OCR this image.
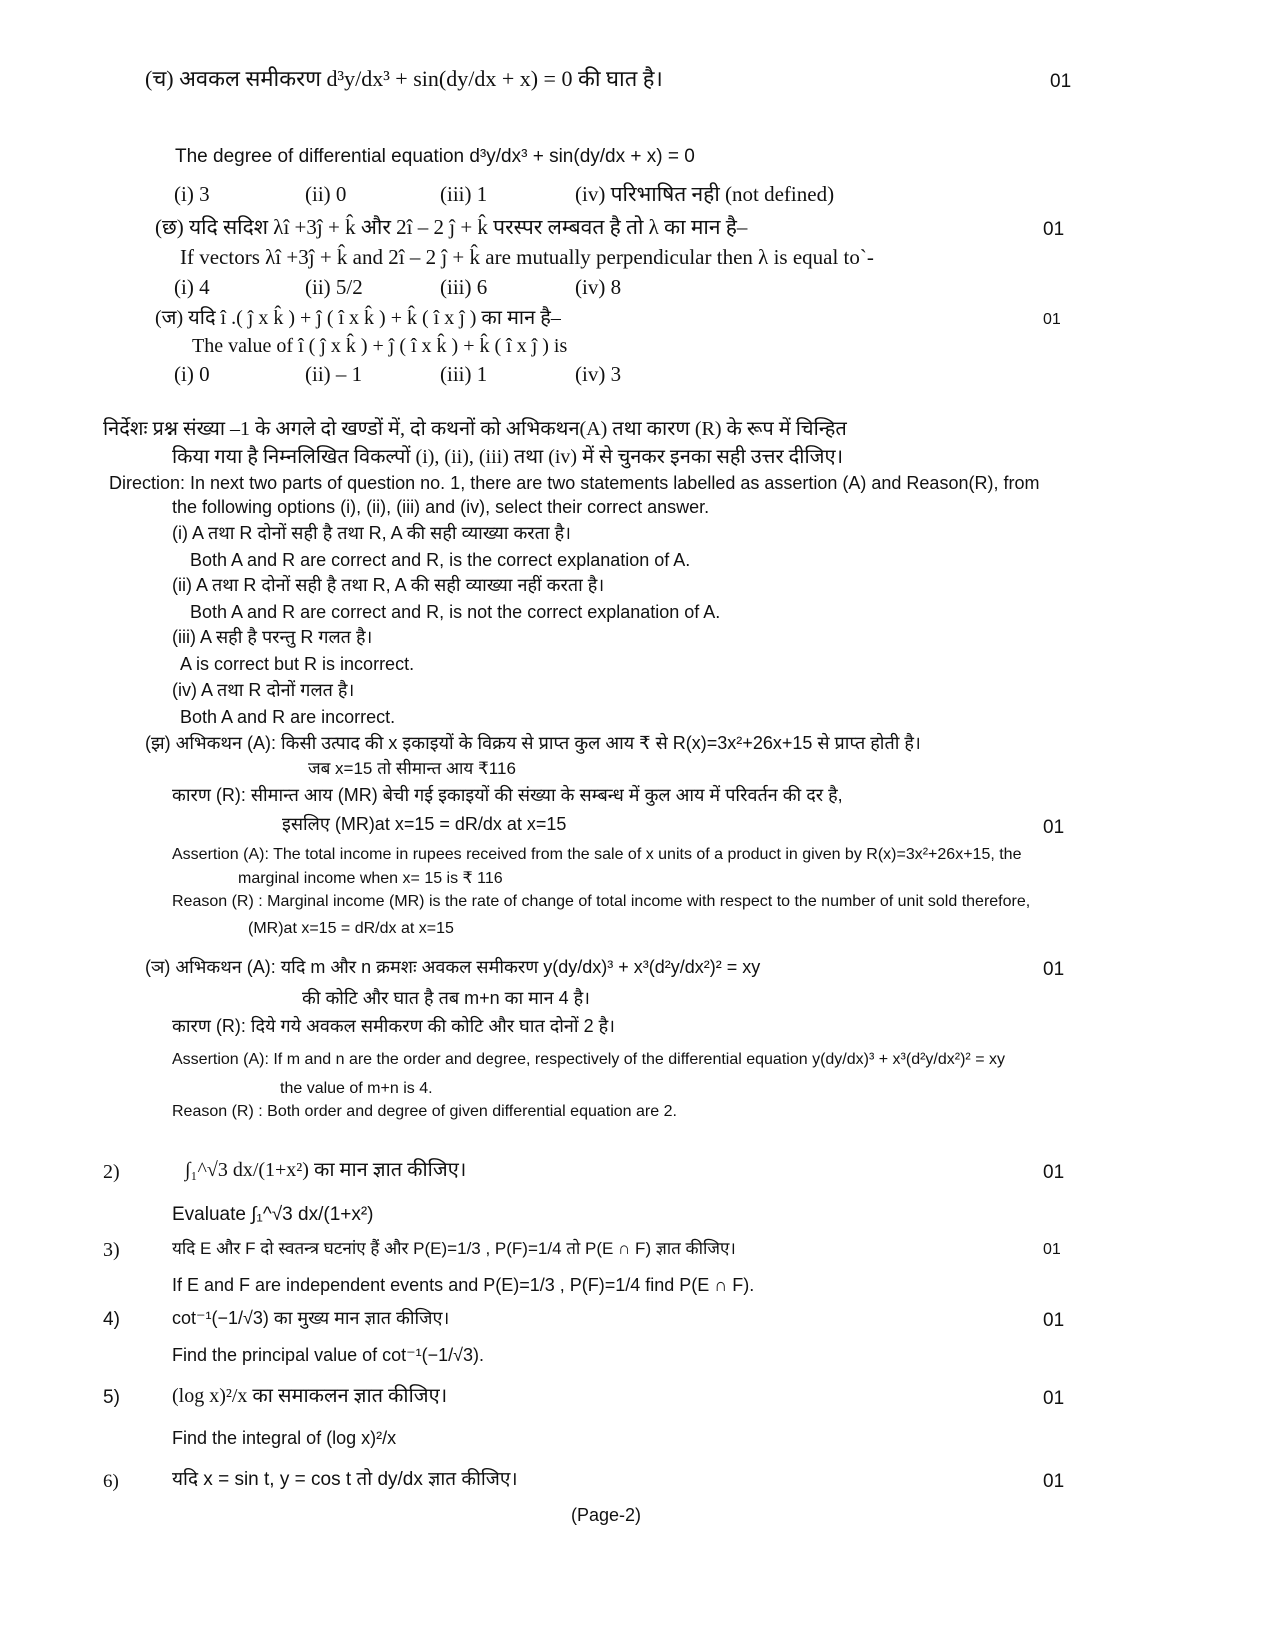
(च) अवकल समीकरण d³y/dx³ + sin(dy/dx + x) = 0 की घात है।	01
The degree of differential equation d³y/dx³ + sin(dy/dx + x) = 0
(i) 3	(ii) 0	(iii) 1	(iv) परिभाषित नही (not defined)
(छ) यदि सदिश λî +3ĵ + k̂ और 2î – 2 ĵ + k̂ परस्पर लम्बवत है तो λ का मान है–	01
If vectors λî +3ĵ + k̂ and 2î – 2 ĵ + k̂ are mutually perpendicular then λ is equal to`-
(i) 4	(ii) 5/2	(iii) 6	(iv) 8
(ज) यदि î .( ĵ x k̂ ) + ĵ ( î x k̂ ) + k̂ ( î x ĵ ) का मान है–	01
The value of î ( ĵ x k̂ ) + ĵ ( î x k̂ ) + k̂ ( î x ĵ ) is
(i) 0	(ii) – 1	(iii) 1	(iv) 3
निर्देशः प्रश्न संख्या –1 के अगले दो खण्डों में, दो कथनों को अभिकथन(A) तथा कारण (R) के रूप में चिन्हित
किया गया है निम्नलिखित विकल्पों (i), (ii), (iii) तथा (iv) में से चुनकर इनका सही उत्तर दीजिए।
Direction: In next two parts of question no. 1, there are two statements labelled as assertion (A) and Reason(R), from
the following options (i), (ii), (iii) and (iv), select their correct answer.
(i) A तथा R दोनों सही है तथा R, A की सही व्याख्या करता है।
Both A and R are correct and R, is the correct explanation of A.
(ii) A तथा R दोनों सही है तथा R, A की सही व्याख्या नहीं करता है।
Both A and R are correct and R, is not the correct explanation of A.
(iii) A सही है परन्तु R गलत है।
A is correct but R is incorrect.
(iv) A तथा R दोनों गलत है।
Both A and R are incorrect.
(झ) अभिकथन (A): किसी उत्पाद की x इकाइयों के विक्रय से प्राप्त कुल आय ₹ से R(x)=3x²+26x+15 से प्राप्त होती है।
जब x=15 तो सीमान्त आय ₹116
कारण (R): सीमान्त आय (MR) बेची गई इकाइयों की संख्या के सम्बन्ध में कुल आय में परिवर्तन की दर है,
इसलिए (MR)at x=15 = dR/dx at x=15	01
Assertion (A): The total income in rupees received from the sale of x units of a product in given by R(x)=3x²+26x+15, the
marginal income when x= 15 is ₹ 116
Reason (R) : Marginal income (MR) is the rate of change of total income with respect to the number of unit sold therefore,
(MR)at x=15 = dR/dx at x=15
(ञ) अभिकथन (A): यदि m और n क्रमशः अवकल समीकरण y(dy/dx)³ + x³(d²y/dx²)² = xy	01
की कोटि और घात है तब m+n का मान 4 है।
कारण (R): दिये गये अवकल समीकरण की कोटि और घात दोनों 2 है।
Assertion (A): If m and n are the order and degree, respectively of the differential equation y(dy/dx)³ + x³(d²y/dx²)² = xy
the value of m+n is 4.
Reason (R) : Both order and degree of given differential equation are 2.
2)	∫₁^√3 dx/(1+x²) का मान ज्ञात कीजिए।	01
Evaluate ∫₁^√3 dx/(1+x²)
3)	यदि E और F दो स्वतन्त्र घटनांए हैं और P(E)=1/3 , P(F)=1/4 तो P(E ∩ F) ज्ञात कीजिए।	01
If E and F are independent events and P(E)=1/3 , P(F)=1/4 find P(E ∩ F).
4)	cot⁻¹(−1/√3) का मुख्य मान ज्ञात कीजिए।	01
Find the principal value of cot⁻¹(−1/√3).
5)	(log x)²/x का समाकलन ज्ञात कीजिए।	01
Find the integral of (log x)²/x
6)	यदि x = sin t, y = cos t तो dy/dx ज्ञात कीजिए।	01
(Page-2)
